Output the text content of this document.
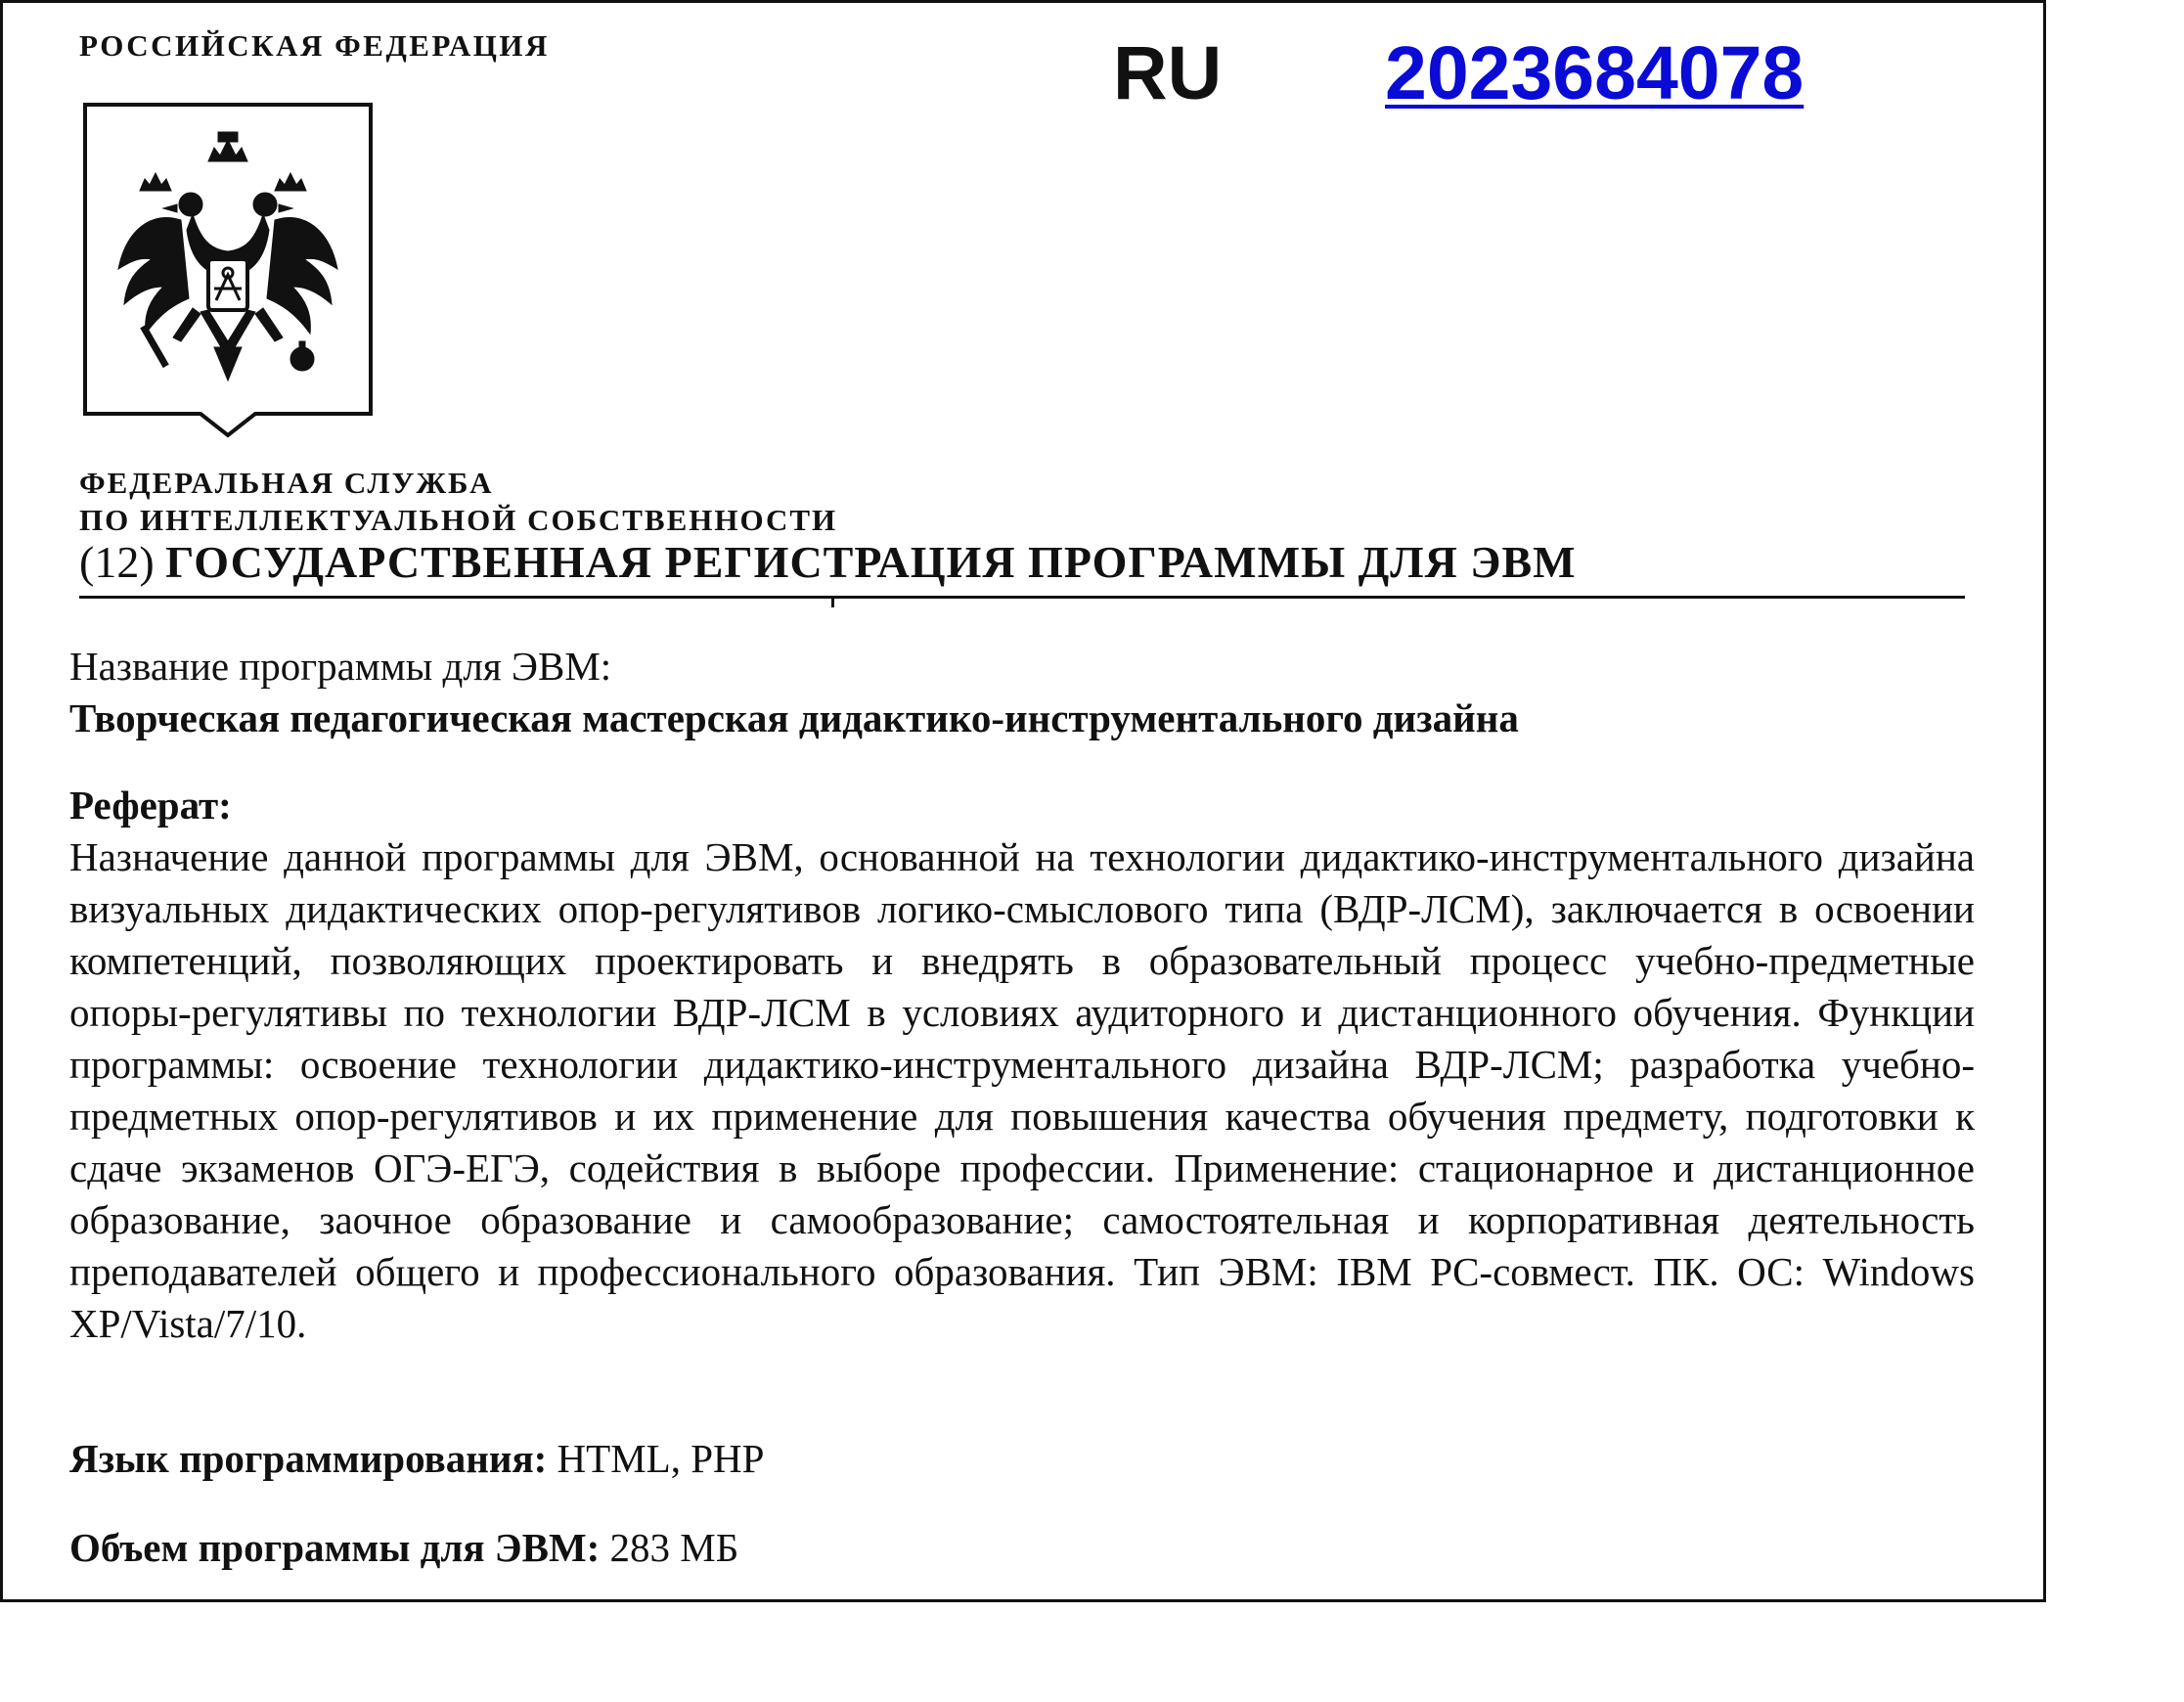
РОССИЙСКАЯ ФЕДЕРАЦИЯ	RU 2023684078
ФЕДЕРАЛЬНАЯ СЛУЖБА
ПО ИНТЕЛЛЕКТУАЛЬНОЙ СОБСТВЕННОСТИ
(12) ГОСУДАРСТВЕННАЯ РЕГИСТРАЦИЯ ПРОГРАММЫ ДЛЯ ЭВМ
Название программы для ЭВМ:
Творческая педагогическая мастерская дидактико-инструментального дизайна
Реферат:
Назначение данной программы для ЭВМ, основанной на технологии дидактико-инструментального дизайна визуальных дидактических опор-регулятивов логико-смыслового типа (ВДР-ЛСМ), заключается в освоении компетенций, позволяющих проектировать и внедрять в образовательный процесс учебно-предметные опоры-регулятивы по технологии ВДР-ЛСМ в условиях аудиторного и дистанционного обучения. Функции программы: освоение технологии дидактико-инструментального дизайна ВДР-ЛСМ; разработка учебно-предметных опор-регулятивов и их применение для повышения качества обучения предмету, подготовки к сдаче экзаменов ОГЭ-ЕГЭ, содействия в выборе профессии. Применение: стационарное и дистанционное образование, заочное образование и самообразование; самостоятельная и корпоративная деятельность преподавателей общего и профессионального образования. Тип ЭВМ: IBM PC-совмест. ПК. ОС: Windows XP/Vista/7/10.
Язык программирования: HTML, PHP
Объем программы для ЭВМ: 283 МБ
